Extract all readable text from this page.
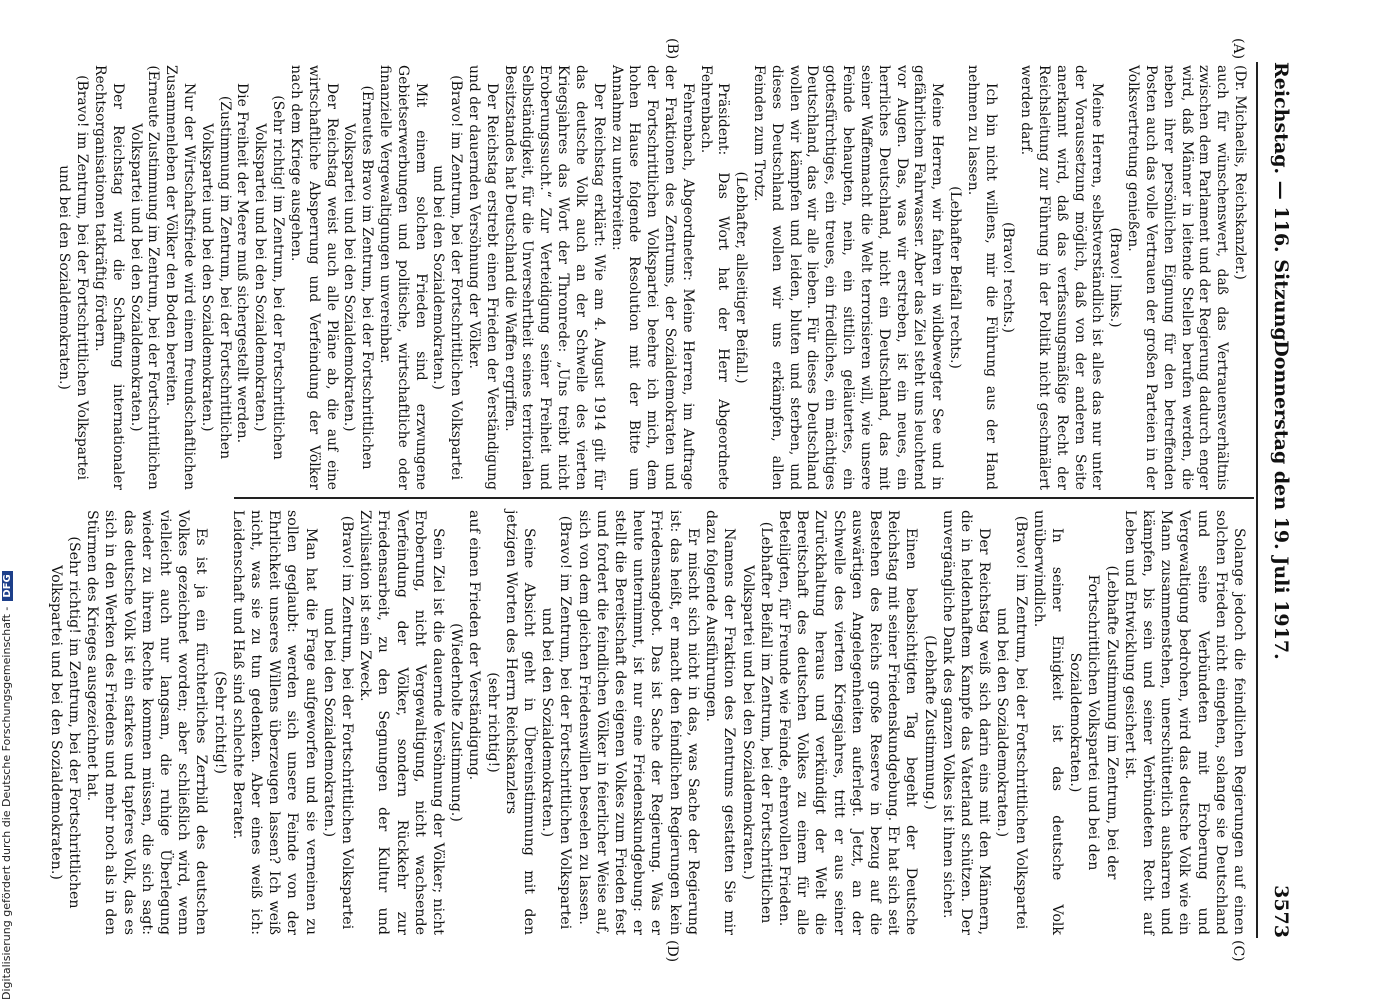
Reichstag. — 116. Sitzung.
Donnerstag den 19. Juli 1917.
3573
(A)
(B)
(C)
(D)

(Dr. Michaelis, Reichskanzler.)

auch für wünschenswert, daß das Vertrauensverhältnis zwischen dem Parlament und der Regierung dadurch enger wird, daß Männer in leitende Stellen berufen werden, die neben ihrer persönlichen Eignung für den betreffenden Posten auch das volle Vertrauen der großen Parteien in der Volksvertretung genießen.

(Bravo! links.)

Meine Herren, selbstverständlich ist alles das nur unter der Voraussetzung möglich, daß von der anderen Seite anerkannt wird, daß das verfassungsmäßige Recht der Reichsleitung zur Führung in der Politik nicht geschmälert werden darf.

(Bravo! rechts.)

Ich bin nicht willens, mir die Führung aus der Hand nehmen zu lassen.

(Lebhafter Beifall rechts.)

Meine Herren, wir fahren in wildbewegter See und in gefährlichem Fahrwasser. Aber das Ziel steht uns leuchtend vor Augen. Das, was wir erstreben, ist ein neues, ein herrliches Deutschland, nicht ein Deutschland, das mit seiner Waffenmacht die Welt terrorisieren will, wie unsere Feinde behaupten, nein, ein sittlich geläutertes, ein gottesfürchtiges, ein treues, ein friedliches, ein mächtiges Deutschland, das wir alle lieben. Für dieses Deutschland wollen wir kämpfen und leiden, bluten und sterben, und dieses Deutschland wollen wir uns erkämpfen, allen Feinden zum Trotz.

(Lebhafter, allseitiger Beifall.)

Präsident: Das Wort hat der Herr Abgeordnete Fehrenbach.

Fehrenbach, Abgeordneter: Meine Herren, im Auftrage der Fraktionen des Zentrums, der Sozialdemokraten und der Fortschrittlichen Volkspartei beehre ich mich, dem hohen Hause folgende Resolution mit der Bitte um Annahme zu unterbreiten:

Der Reichstag erklärt: Wie am 4. August 1914 gilt für das deutsche Volk auch an der Schwelle des vierten Kriegsjahres das Wort der Thronrede: „Uns treibt nicht Eroberungssucht.“ Zur Verteidigung seiner Freiheit und Selbständigkeit, für die Unversehrtheit seines territorialen Besitzstandes hat Deutschland die Waffen ergriffen.

Der Reichstag erstrebt einen Frieden der Verständigung und der dauernden Versöhnung der Völker.

(Bravo! im Zentrum, bei der Fortschrittlichen Volkspartei und bei den Sozialdemokraten.)

Mit einem solchen Frieden sind erzwungene Gebietserwerbungen und politische, wirtschaftliche oder finanzielle Vergewaltigungen unvereinbar.

(Erneutes Bravo im Zentrum, bei der Fortschrittlichen Volkspartei und bei den Sozialdemokraten.)

Der Reichstag weist auch alle Pläne ab, die auf eine wirtschaftliche Absperrung und Verfeindung der Völker nach dem Kriege ausgehen.

(Sehr richtig! im Zentrum, bei der Fortschrittlichen Volkspartei und bei den Sozialdemokraten.)

Die Freiheit der Meere muß sichergestellt werden.

(Zustimmung im Zentrum, bei der Fortschrittlichen Volkspartei und bei den Sozialdemokraten.)

Nur der Wirtschaftsfriede wird einem freundschaftlichen Zusammenleben der Völker den Boden bereiten.

(Erneute Zustimmung im Zentrum, bei der Fortschrittlichen Volkspartei und bei den Sozialdemokraten.)

Der Reichstag wird die Schaffung internationaler Rechtsorganisationen tatkräftig fördern.

(Bravo! im Zentrum, bei der Fortschrittlichen Volkspartei und bei den Sozialdemokraten.)

Solange jedoch die feindlichen Regierungen auf einen solchen Frieden nicht eingehen, solange sie Deutschland und seine Verbündeten mit Eroberung und Vergewaltigung bedrohen, wird das deutsche Volk wie ein Mann zusammenstehen, unerschütterlich ausharren und kämpfen, bis sein und seiner Verbündeten Recht auf Leben und Entwicklung gesichert ist.

(Lebhafte Zustimmung im Zentrum, bei der Fortschrittlichen Volkspartei und bei den Sozialdemokraten.)

In seiner Einigkeit ist das deutsche Volk unüberwindlich.

(Bravo! im Zentrum, bei der Fortschrittlichen Volkspartei und bei den Sozialdemokraten.)

Der Reichstag weiß sich darin eins mit den Männern, die in heldenhaftem Kampfe das Vaterland schützen. Der unvergängliche Dank des ganzen Volkes ist ihnen sicher.

(Lebhafte Zustimmung.)

Einen beabsichtigten Tag begeht der Deutsche Reichstag mit seiner Friedenskundgebung. Er hat sich seit Bestehen des Reichs große Reserve in bezug auf die auswärtigen Angelegenheiten auferlegt. Jetzt, an der Schwelle des vierten Kriegsjahres, tritt er aus seiner Zurückhaltung heraus und verkündigt der Welt die Bereitschaft des deutschen Volkes zu einem für alle Beteiligten, für Freunde wie Feinde, ehrenvollen Frieden.

(Lebhafter Beifall im Zentrum, bei der Fortschrittlichen Volkspartei und bei den Sozialdemokraten.)

Namens der Fraktion des Zentrums gestatten Sie mir dazu folgende Ausführungen.

Er mischt sich nicht in das, was Sache der Regierung ist: das heißt, er macht den feindlichen Regierungen kein Friedensangebot. Das ist Sache der Regierung. Was er heute unternimmt, ist nur eine Friedenskundgebung: er stellt die Bereitschaft des eigenen Volkes zum Frieden fest und fordert die feindlichen Völker in feierlicher Weise auf, sich von dem gleichen Friedenswillen beseelen zu lassen.

(Bravo! im Zentrum, bei der Fortschrittlichen Volkspartei und bei den Sozialdemokraten.)

Seine Absicht geht in Übereinstimmung mit den jetzigen Worten des Herrn Reichskanzlers

(sehr richtig!)

auf einen Frieden der Verständigung.

(Wiederholte Zustimmung.)

Sein Ziel ist die dauernde Versöhnung der Völker; nicht Eroberung, nicht Vergewaltigung, nicht wachsende Verfeindung der Völker, sondern Rückkehr zur Friedensarbeit, zu den Segnungen der Kultur und Zivilisation ist sein Zweck.

(Bravo! im Zentrum, bei der Fortschrittlichen Volkspartei und bei den Sozialdemokraten.)

Man hat die Frage aufgeworfen und sie verneinen zu sollen geglaubt: werden sich unsere Feinde von der Ehrlichkeit unseres Willens überzeugen lassen? Ich weiß nicht, was sie zu tun gedenken. Aber eines weiß ich: Leidenschaft und Haß sind schlechte Berater.

(Sehr richtig!)

Es ist ja ein fürchterliches Zerrbild des deutschen Volkes gezeichnet worden; aber schließlich wird, wenn vielleicht auch nur langsam, die ruhige Überlegung wieder zu ihrem Rechte kommen müssen, die sich sagt: das deutsche Volk ist ein starkes und tapferes Volk, das es sich in den Werken des Friedens und mehr noch als in den Stürmen des Krieges ausgezeichnet hat.

(Sehr richtig! im Zentrum, bei der Fortschrittlichen Volkspartei und bei den Sozialdemokraten.)

Digitalisierung gefördert durch die Deutsche Forschungsgemeinschaft -DFG
